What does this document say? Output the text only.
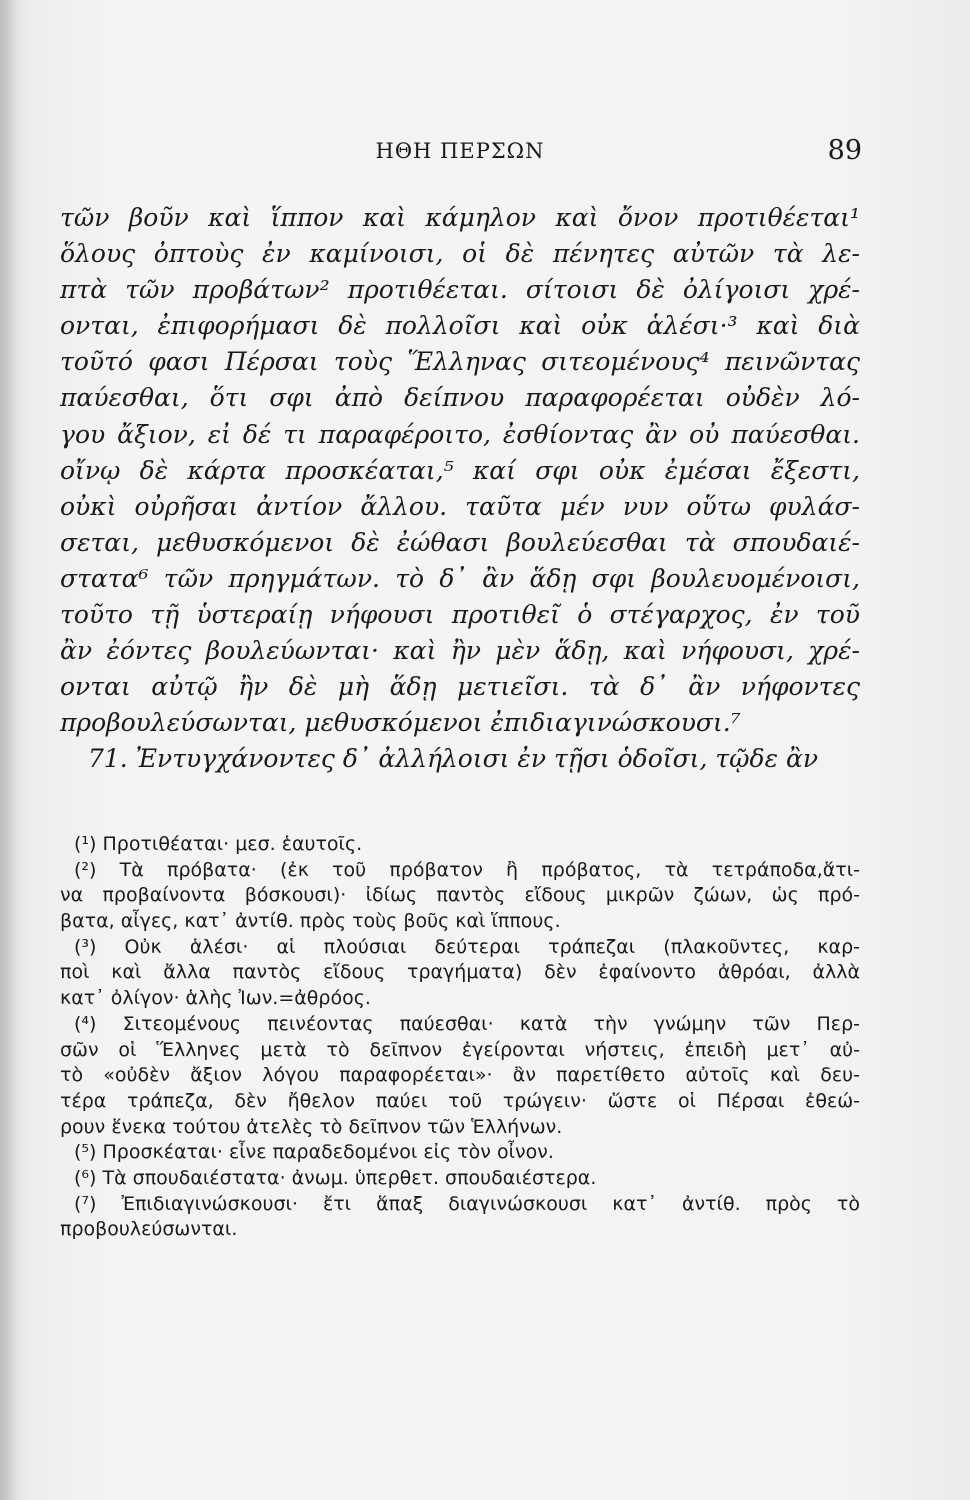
ΗΘΗ ΠΕΡΣΩΝ	89
τῶν βοῦν καὶ ἵππον καὶ κάμηλον καὶ ὄνον προτιθέεται¹
ὅλους ὀπτοὺς ἐν καμίνοισι, οἱ δὲ πένητες αὐτῶν τὰ λε-
πτὰ τῶν προβάτων² προτιθέεται. σίτοισι δὲ ὀλίγοισι χρέ-
ονται, ἐπιφορήμασι δὲ πολλοῖσι καὶ οὐκ ἁλέσι·³ καὶ διὰ
τοῦτό φασι Πέρσαι τοὺς Ἕλληνας σιτεομένους⁴ πεινῶντας
παύεσθαι, ὅτι σφι ἀπὸ δείπνου παραφορέεται οὐδὲν λό-
γου ἄξιον, εἰ δέ τι παραφέροιτο, ἐσθίοντας ἂν οὐ παύεσθαι.
οἴνῳ δὲ κάρτα προσκέαται,⁵ καί σφι οὐκ ἐμέσαι ἔξεστι,
οὐκὶ οὐρῆσαι ἀντίον ἄλλου. ταῦτα μέν νυν οὕτω φυλάσ-
σεται, μεθυσκόμενοι δὲ ἐώθασι βουλεύεσθαι τὰ σπουδαιέ-
στατα⁶ τῶν πρηγμάτων. τὸ δ᾽ ἂν ἅδῃ σφι βουλευομένοισι,
τοῦτο τῇ ὑστεραίῃ νήφουσι προτιθεῖ ὁ στέγαρχος, ἐν τοῦ
ἂν ἐόντες βουλεύωνται· καὶ ἢν μὲν ἅδῃ, καὶ νήφουσι, χρέ-
ονται αὐτῷ ἢν δὲ μὴ ἅδῃ μετιεῖσι. τὰ δ᾽ ἂν νήφοντες
προβουλεύσωνται, μεθυσκόμενοι ἐπιδιαγινώσκουσι.⁷
71. Ἐντυγχάνοντες δ᾽ ἀλλήλοισι ἐν τῇσι ὁδοῖσι, τῷδε ἂν
(¹) Προτιθέαται· μεσ. ἑαυτοῖς.
(²) Τὰ πρόβατα· (ἐκ τοῦ πρόβατον ἢ πρόβατος, τὰ τετράποδα,ἅτι-
να προβαίνοντα βόσκουσι)· ἰδίως παντὸς εἴδους μικρῶν ζώων, ὡς πρό-
βατα, αἶγες, κατ᾽ ἀντίθ. πρὸς τοὺς βοῦς καὶ ἵππους.
(³) Οὐκ ἁλέσι· αἱ πλούσιαι δεύτεραι τράπεζαι (πλακοῦντες, καρ-
ποὶ καὶ ἄλλα παντὸς εἴδους τραγήματα) δὲν ἐφαίνοντο ἀθρόαι, ἀλλὰ
κατ᾽ ὀλίγον· ἁλὴς Ἰων.=ἀθρόος.
(⁴) Σιτεομένους πεινέοντας παύεσθαι· κατὰ τὴν γνώμην τῶν Περ-
σῶν οἱ Ἕλληνες μετὰ τὸ δεῖπνον ἐγείρονται νήστεις, ἐπειδὴ μετ᾽ αὐ-
τὸ «οὐδὲν ἄξιον λόγου παραφορέεται»· ἂν παρετίθετο αὐτοῖς καὶ δευ-
τέρα τράπεζα, δὲν ἤθελον παύει τοῦ τρώγειν· ὥστε οἱ Πέρσαι ἐθεώ-
ρουν ἕνεκα τούτου ἀτελὲς τὸ δεῖπνον τῶν Ἑλλήνων.
(⁵) Προσκέαται· εἶνε παραδεδομένοι εἰς τὸν οἶνον.
(⁶) Τὰ σπουδαιέστατα· ἀνωμ. ὑπερθετ. σπουδαιέστερα.
(⁷) Ἐπιδιαγινώσκουσι· ἔτι ἅπαξ διαγινώσκουσι κατ᾽ ἀντίθ. πρὸς τὸ
προβουλεύσωνται.
